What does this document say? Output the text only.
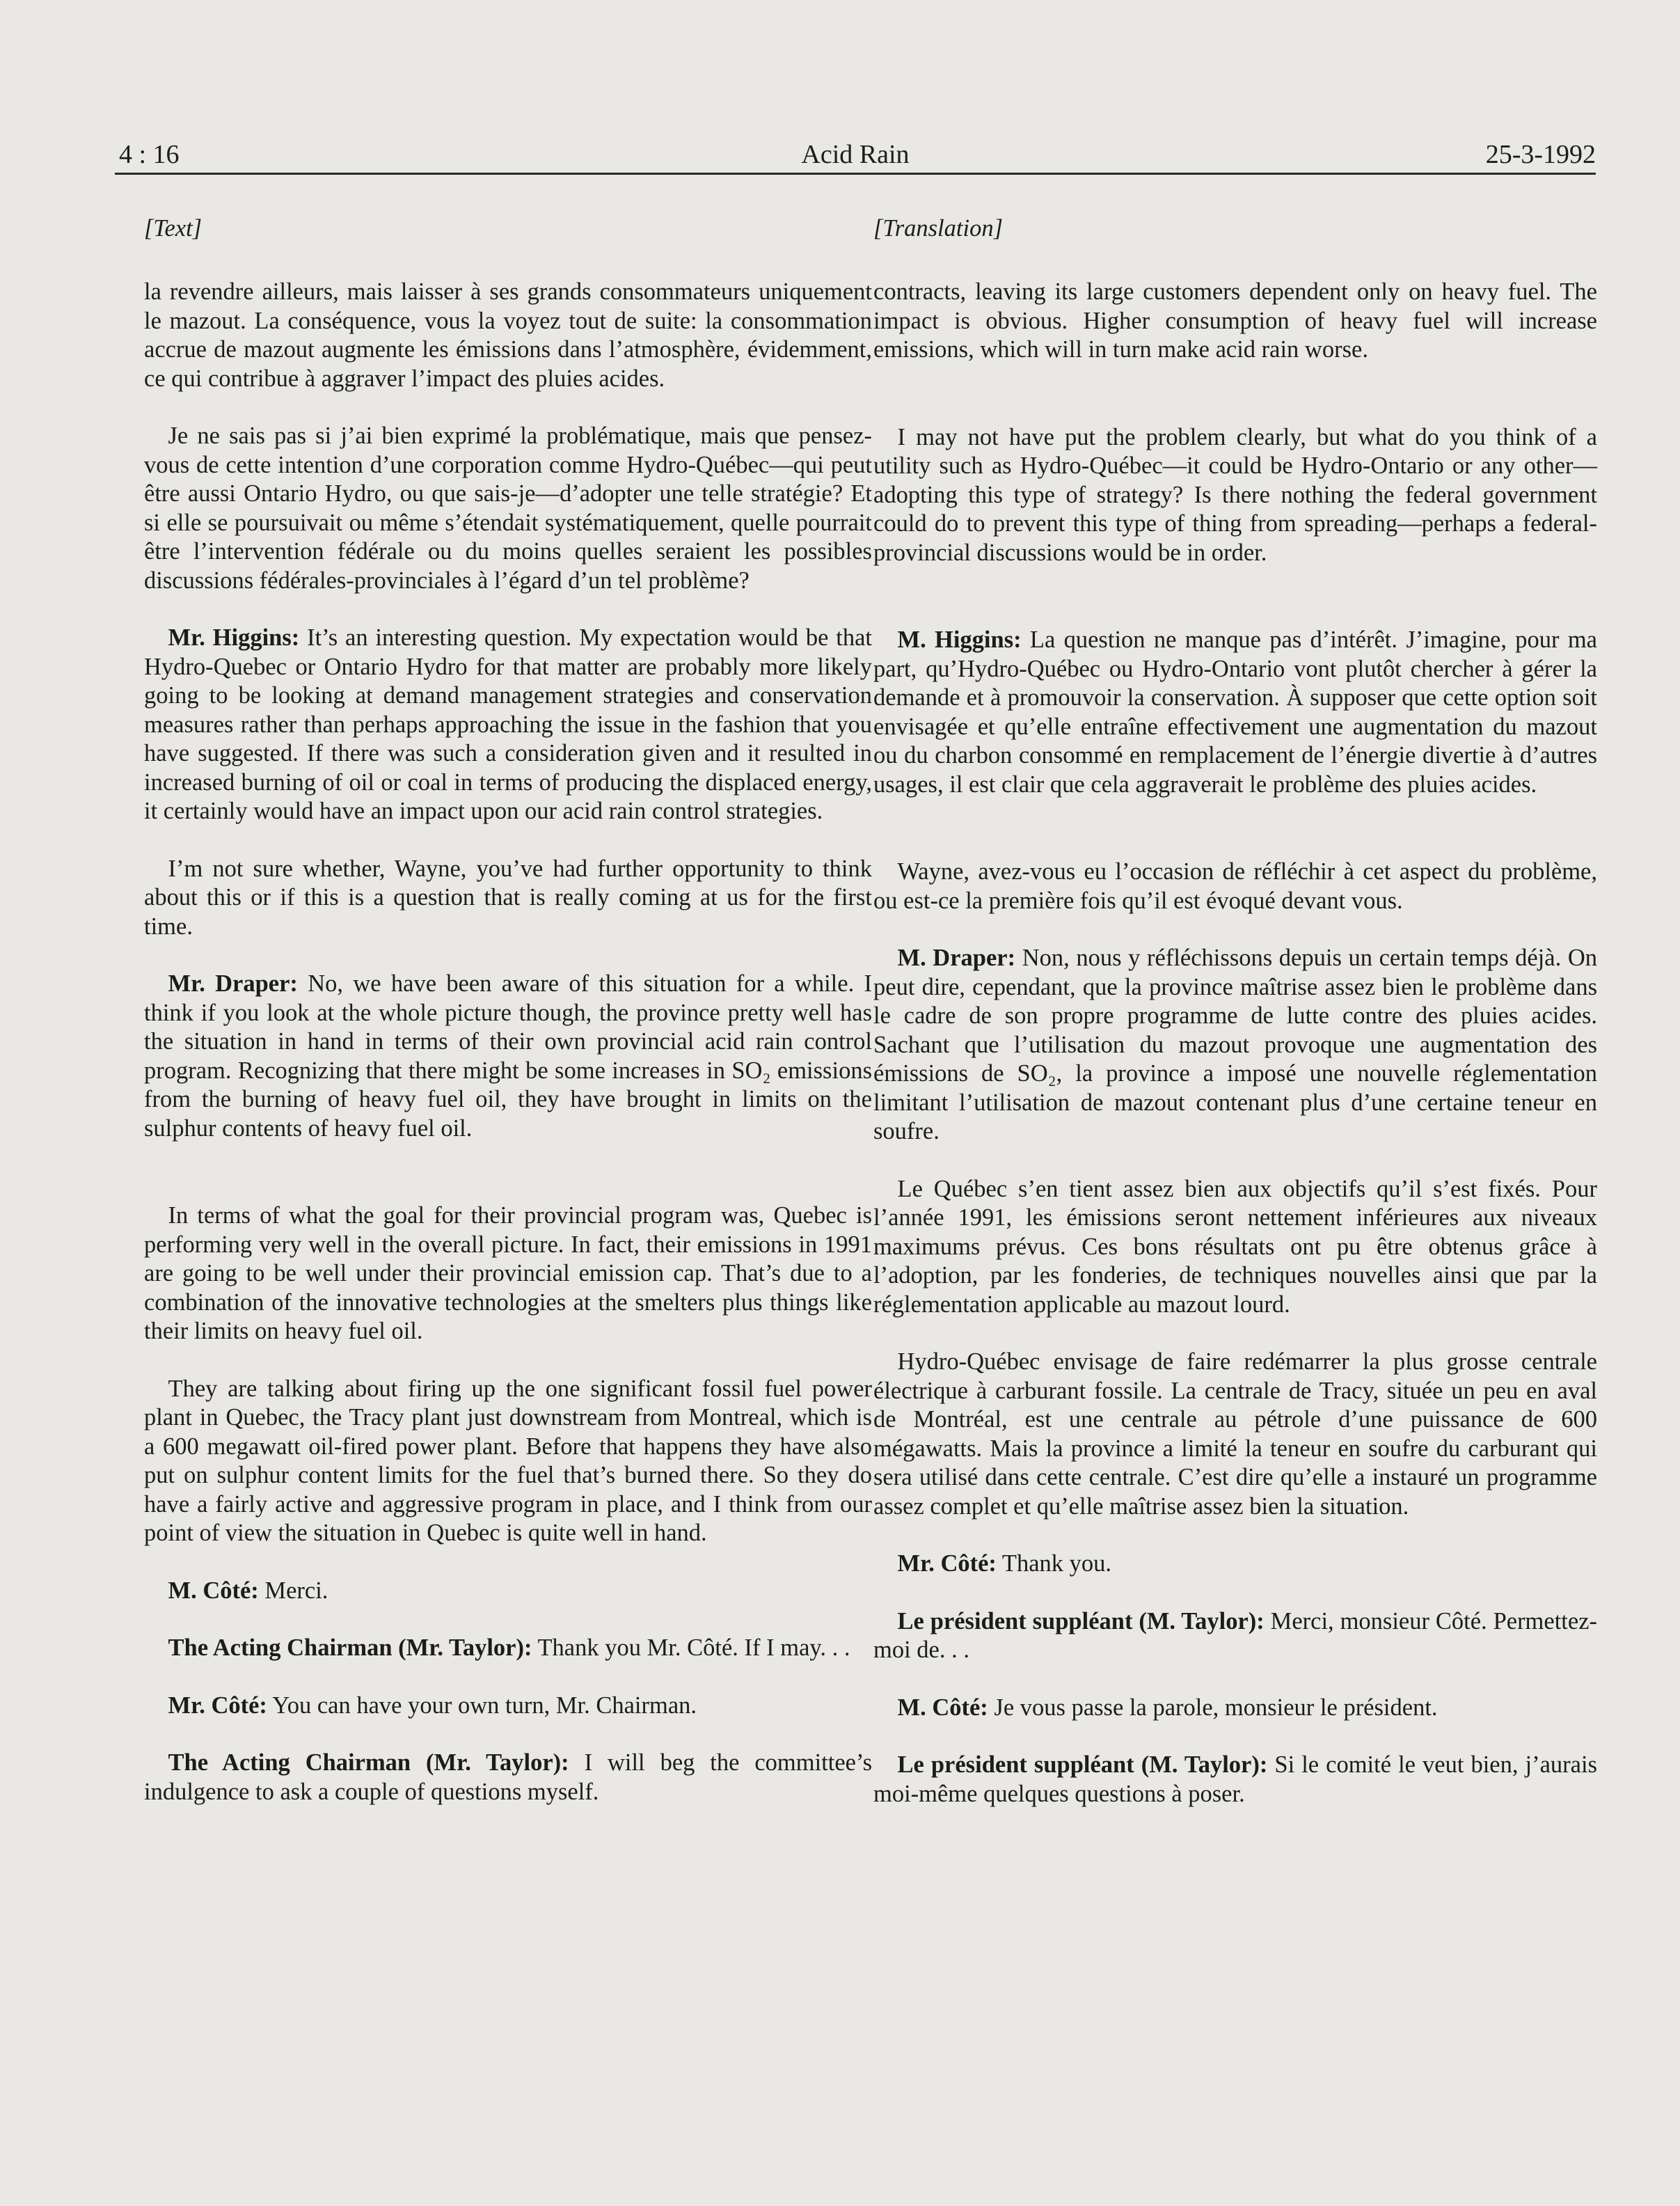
4 : 16	Acid Rain	25-3-1992
[Text]

la revendre ailleurs, mais laisser à ses grands consommateurs uniquement le mazout. La conséquence, vous la voyez tout de suite: la consommation accrue de mazout augmente les émissions dans l’atmosphère, évidemment, ce qui contribue à aggraver l’impact des pluies acides.

 Je ne sais pas si j’ai bien exprimé la problématique, mais que pensez-vous de cette intention d’une corporation comme Hydro-Québec—qui peut être aussi Ontario Hydro, ou que sais-je—d’adopter une telle stratégie? Et si elle se poursuivait ou même s’étendait systématiquement, quelle pourrait être l’intervention fédérale ou du moins quelles seraient les possibles discussions fédérales-provinciales à l’égard d’un tel problème?

 Mr. Higgins: It’s an interesting question. My expectation would be that Hydro-Quebec or Ontario Hydro for that matter are probably more likely going to be looking at demand management strategies and conservation measures rather than perhaps approaching the issue in the fashion that you have suggested. If there was such a consideration given and it resulted in increased burning of oil or coal in terms of producing the displaced energy, it certainly would have an impact upon our acid rain control strategies.

 I’m not sure whether, Wayne, you’ve had further opportunity to think about this or if this is a question that is really coming at us for the first time.

 Mr. Draper: No, we have been aware of this situation for a while. I think if you look at the whole picture though, the province pretty well has the situation in hand in terms of their own provincial acid rain control program. Recognizing that there might be some increases in SO₂ emissions from the burning of heavy fuel oil, they have brought in limits on the sulphur contents of heavy fuel oil.

 In terms of what the goal for their provincial program was, Quebec is performing very well in the overall picture. In fact, their emissions in 1991 are going to be well under their provincial emission cap. That’s due to a combination of the innovative technologies at the smelters plus things like their limits on heavy fuel oil.

 They are talking about firing up the one significant fossil fuel power plant in Quebec, the Tracy plant just downstream from Montreal, which is a 600 megawatt oil-fired power plant. Before that happens they have also put on sulphur content limits for the fuel that’s burned there. So they do have a fairly active and aggressive program in place, and I think from our point of view the situation in Quebec is quite well in hand.

 M. Côté: Merci.

 The Acting Chairman (Mr. Taylor): Thank you Mr. Côté. If I may. . .

 Mr. Côté: You can have your own turn, Mr. Chairman.

 The Acting Chairman (Mr. Taylor): I will beg the committee’s indulgence to ask a couple of questions myself.

[Translation]

contracts, leaving its large customers dependent only on heavy fuel. The impact is obvious. Higher consumption of heavy fuel will increase emissions, which will in turn make acid rain worse.

 I may not have put the problem clearly, but what do you think of a utility such as Hydro-Québec—it could be Hydro-Ontario or any other—adopting this type of strategy? Is there nothing the federal government could do to prevent this type of thing from spreading—perhaps a federal-provincial discussions would be in order.

 M. Higgins: La question ne manque pas d’intérêt. J’imagine, pour ma part, qu’Hydro-Québec ou Hydro-Ontario vont plutôt chercher à gérer la demande et à promouvoir la conservation. À supposer que cette option soit envisagée et qu’elle entraîne effectivement une augmentation du mazout ou du charbon consommé en remplacement de l’énergie divertie à d’autres usages, il est clair que cela aggraverait le problème des pluies acides.

 Wayne, avez-vous eu l’occasion de réfléchir à cet aspect du problème, ou est-ce la première fois qu’il est évoqué devant vous.

 M. Draper: Non, nous y réfléchissons depuis un certain temps déjà. On peut dire, cependant, que la province maîtrise assez bien le problème dans le cadre de son propre programme de lutte contre des pluies acides. Sachant que l’utilisation du mazout provoque une augmentation des émissions de SO₂, la province a imposé une nouvelle réglementation limitant l’utilisation de mazout contenant plus d’une certaine teneur en soufre.

 Le Québec s’en tient assez bien aux objectifs qu’il s’est fixés. Pour l’année 1991, les émissions seront nettement inférieures aux niveaux maximums prévus. Ces bons résultats ont pu être obtenus grâce à l’adoption, par les fonderies, de techniques nouvelles ainsi que par la réglementation applicable au mazout lourd.

 Hydro-Québec envisage de faire redémarrer la plus grosse centrale électrique à carburant fossile. La centrale de Tracy, située un peu en aval de Montréal, est une centrale au pétrole d’une puissance de 600 mégawatts. Mais la province a limité la teneur en soufre du carburant qui sera utilisé dans cette centrale. C’est dire qu’elle a instauré un programme assez complet et qu’elle maîtrise assez bien la situation.

 Mr. Côté: Thank you.

 Le président suppléant (M. Taylor): Merci, monsieur Côté. Permettez-moi de. . .

 M. Côté: Je vous passe la parole, monsieur le président.

 Le président suppléant (M. Taylor): Si le comité le veut bien, j’aurais moi-même quelques questions à poser.
